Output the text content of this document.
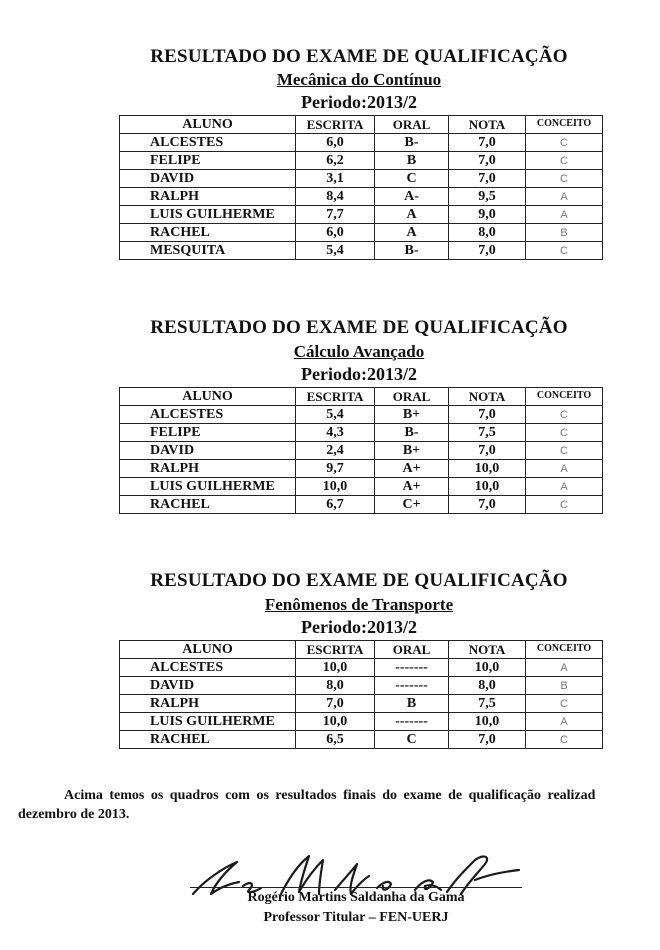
RESULTADO DO EXAME DE QUALIFICAÇÃO
Mecânica do Contínuo
Periodo:2013/2
ALUNO	ESCRITA	ORAL	NOTA	CONCEITO
ALCESTES	6,0	B-	7,0	C
FELIPE	6,2	B	7,0	C
DAVID	3,1	C	7,0	C
RALPH	8,4	A-	9,5	A
LUIS GUILHERME	7,7	A	9,0	A
RACHEL	6,0	A	8,0	B
MESQUITA	5,4	B-	7,0	C
RESULTADO DO EXAME DE QUALIFICAÇÃO
Cálculo Avançado
Periodo:2013/2
ALUNO	ESCRITA	ORAL	NOTA	CONCEITO
ALCESTES	5,4	B+	7,0	C
FELIPE	4,3	B-	7,5	C
DAVID	2,4	B+	7,0	C
RALPH	9,7	A+	10,0	A
LUIS GUILHERME	10,0	A+	10,0	A
RACHEL	6,7	C+	7,0	C
RESULTADO DO EXAME DE QUALIFICAÇÃO
Fenômenos de Transporte
Periodo:2013/2
ALUNO	ESCRITA	ORAL	NOTA	CONCEITO
ALCESTES	10,0	-------	10,0	A
DAVID	8,0	-------	8,0	B
RALPH	7,0	B	7,5	C
LUIS GUILHERME	10,0	-------	10,0	A
RACHEL	6,5	C	7,0	C
Acima temos os quadros com os resultados finais do exame de qualificação realizad
dezembro de 2013.
Rogério Martins Saldanha da Gama
Professor Titular – FEN-UERJ
